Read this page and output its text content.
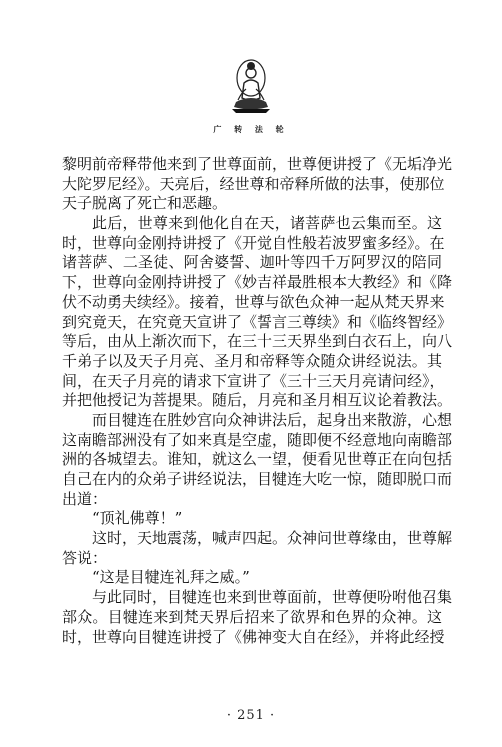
广 转 法 轮
黎明前帝释带他来到了世尊面前，世尊便讲授了《无垢净光
大陀罗尼经》。天亮后，经世尊和帝释所做的法事，使那位
天子脱离了死亡和恶趣。
此后，世尊来到他化自在天，诸菩萨也云集而至。这
时，世尊向金刚持讲授了《开觉自性般若波罗蜜多经》。在
诸菩萨、二圣徒、阿舍婆誓、迦叶等四千万阿罗汉的陪同
下，世尊向金刚持讲授了《妙吉祥最胜根本大教经》和《降
伏不动勇夫续经》。接着，世尊与欲色众神一起从梵天界来
到究竟天，在究竟天宣讲了《誓言三尊续》和《临终智经》
等后，由从上渐次而下，在三十三天界坐到白衣石上，向八
千弟子以及天子月亮、圣月和帝释等众随众讲经说法。其
间，在天子月亮的请求下宣讲了《三十三天月亮请问经》，
并把他授记为菩提果。随后，月亮和圣月相互议论着教法。
而目犍连在胜妙宫向众神讲法后，起身出来散游，心想
这南瞻部洲没有了如来真是空虚，随即便不经意地向南瞻部
洲的各城望去。谁知，就这么一望，便看见世尊正在向包括
自己在内的众弟子讲经说法，目犍连大吃一惊，随即脱口而
出道：
“顶礼佛尊！”
这时，天地震荡，喊声四起。众神问世尊缘由，世尊解
答说：
“这是目犍连礼拜之威。”
与此同时，目犍连也来到世尊面前，世尊便吩咐他召集
部众。目犍连来到梵天界后招来了欲界和色界的众神。这
时，世尊向目犍连讲授了《佛神变大自在经》，并将此经授
· 251 ·
